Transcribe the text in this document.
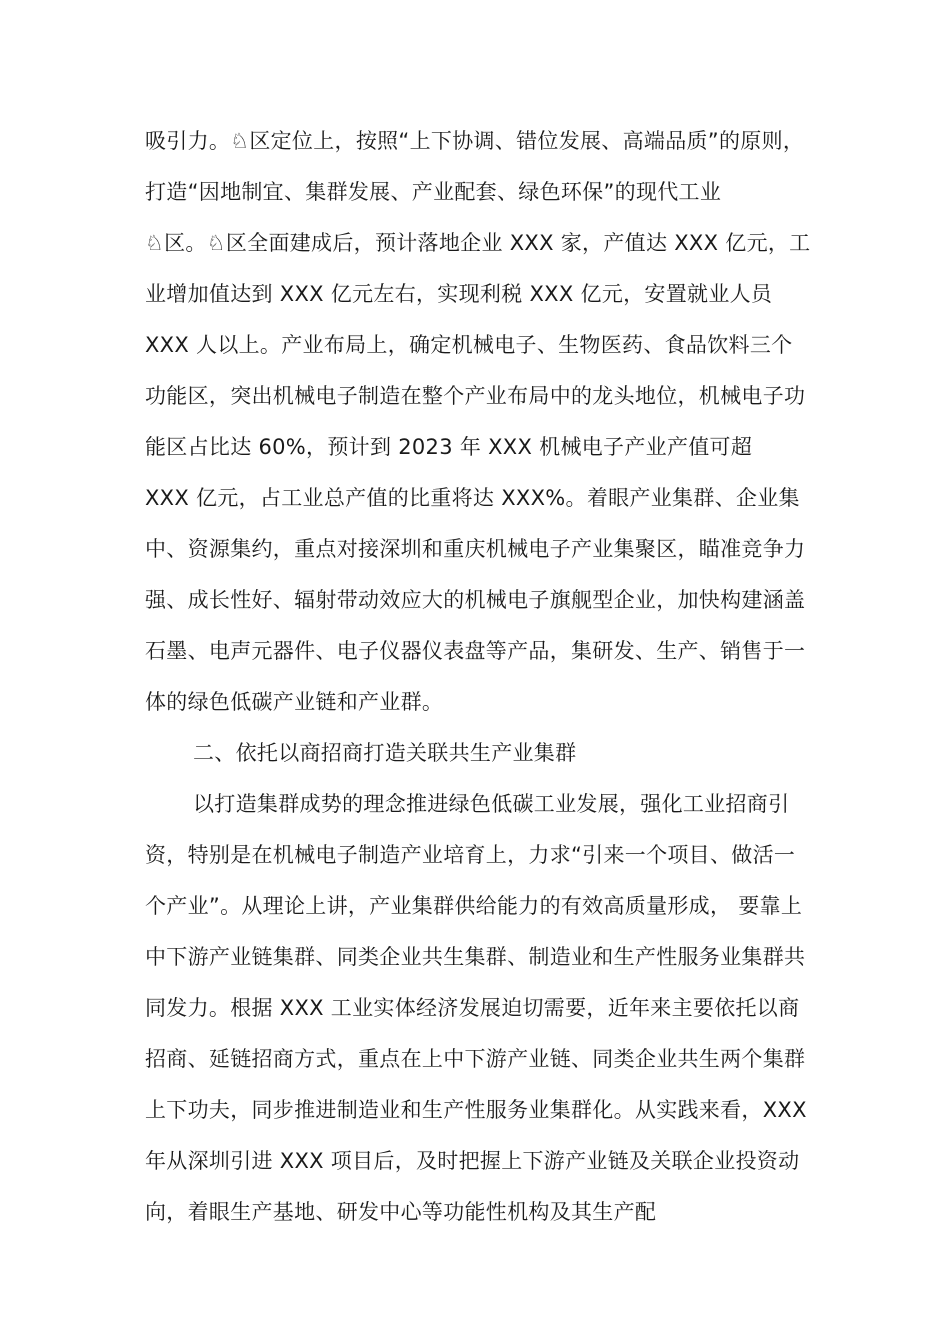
吸引力。♘区定位上，按照“上下协调、错位发展、高端品质”的原则，
打造“因地制宜、集群发展、产业配套、绿色环保”的现代工业
♘区。♘区全面建成后，预计落地企业 XXX 家，产值达 XXX 亿元，工
业增加值达到 XXX 亿元左右，实现利税 XXX 亿元，安置就业人员
XXX 人以上。产业布局上，确定机械电子、生物医药、食品饮料三个
功能区，突出机械电子制造在整个产业布局中的龙头地位，机械电子功
能区占比达 60%，预计到 2023 年 XXX 机械电子产业产值可超
XXX 亿元，占工业总产值的比重将达 XXX%。着眼产业集群、企业集
中、资源集约，重点对接深圳和重庆机械电子产业集聚区，瞄准竞争力
强、成长性好、辐射带动效应大的机械电子旗舰型企业，加快构建涵盖
石墨、电声元器件、电子仪器仪表盘等产品，集研发、生产、销售于一
体的绿色低碳产业链和产业群。
二、依托以商招商打造关联共生产业集群
以打造集群成势的理念推进绿色低碳工业发展，强化工业招商引
资，特别是在机械电子制造产业培育上，力求“引来一个项目、做活一
个产业”。从理论上讲，产业集群供给能力的有效高质量形成， 要靠上
中下游产业链集群、同类企业共生集群、制造业和生产性服务业集群共
同发力。根据 XXX 工业实体经济发展迫切需要，近年来主要依托以商
招商、延链招商方式，重点在上中下游产业链、同类企业共生两个集群
上下功夫，同步推进制造业和生产性服务业集群化。从实践来看，XXX
年从深圳引进 XXX 项目后，及时把握上下游产业链及关联企业投资动
向，着眼生产基地、研发中心等功能性机构及其生产配
